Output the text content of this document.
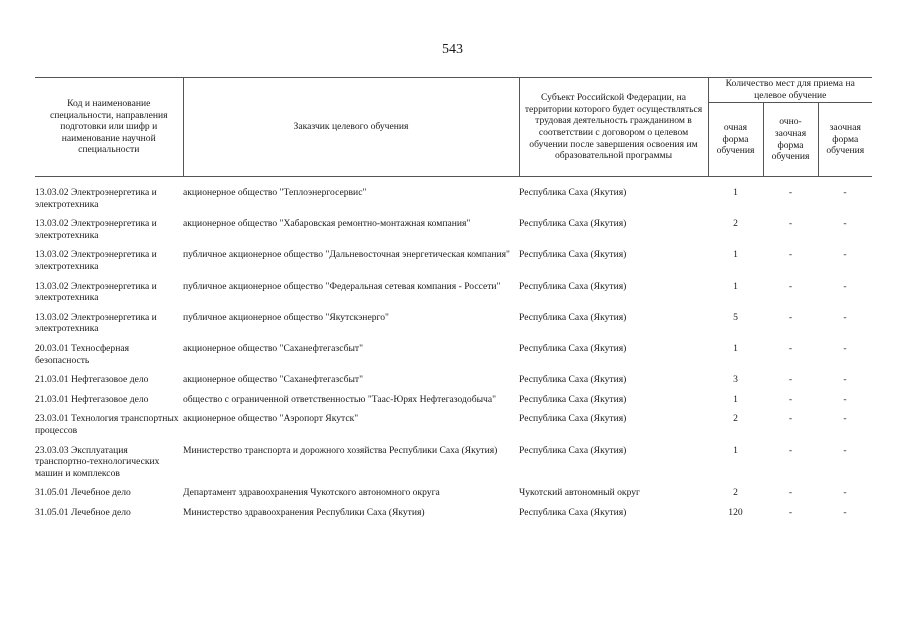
543
Код и наименование специальности, направления подготовки или шифр и наименование научной специальности	Заказчик целевого обучения	Субъект Российской Федерации, на территории которого будет осуществляться трудовая деятельность гражданином в соответствии с договором о целевом обучении после завершения освоения им образовательной программы	Количество мест для приема на целевое обучение		
			очная форма обучения	очно-заочная форма обучения	заочная форма обучения

13.03.02 Электроэнергетика и электротехника	акционерное общество "Теплоэнергосервис"	Республика Саха (Якутия)	1	-	-
13.03.02 Электроэнергетика и электротехника	акционерное общество "Хабаровская ремонтно-монтажная компания"	Республика Саха (Якутия)	2	-	-
13.03.02 Электроэнергетика и электротехника	публичное акционерное общество "Дальневосточная энергетическая компания"	Республика Саха (Якутия)	1	-	-
13.03.02 Электроэнергетика и электротехника	публичное акционерное общество "Федеральная сетевая компания - Россети"	Республика Саха (Якутия)	1	-	-
13.03.02 Электроэнергетика и электротехника	публичное акционерное общество "Якутскэнерго"	Республика Саха (Якутия)	5	-	-
20.03.01 Техносферная безопасность	акционерное общество "Саханефтегазсбыт"	Республика Саха (Якутия)	1	-	-
21.03.01 Нефтегазовое дело	акционерное общество "Саханефтегазсбыт"	Республика Саха (Якутия)	3	-	-
21.03.01 Нефтегазовое дело	общество с ограниченной ответственностью "Таас-Юрях Нефтегазодобыча"	Республика Саха (Якутия)	1	-	-
23.03.01 Технология транспортных процессов	акционерное общество "Аэропорт Якутск"	Республика Саха (Якутия)	2	-	-
23.03.03 Эксплуатация транспортно-технологических машин и комплексов	Министерство транспорта и дорожного хозяйства Республики Саха (Якутия)	Республика Саха (Якутия)	1	-	-
31.05.01 Лечебное дело	Департамент здравоохранения Чукотского автономного округа	Чукотский автономный округ	2	-	-
31.05.01 Лечебное дело	Министерство здравоохранения Республики Саха (Якутия)	Республика Саха (Якутия)	120	-	-
